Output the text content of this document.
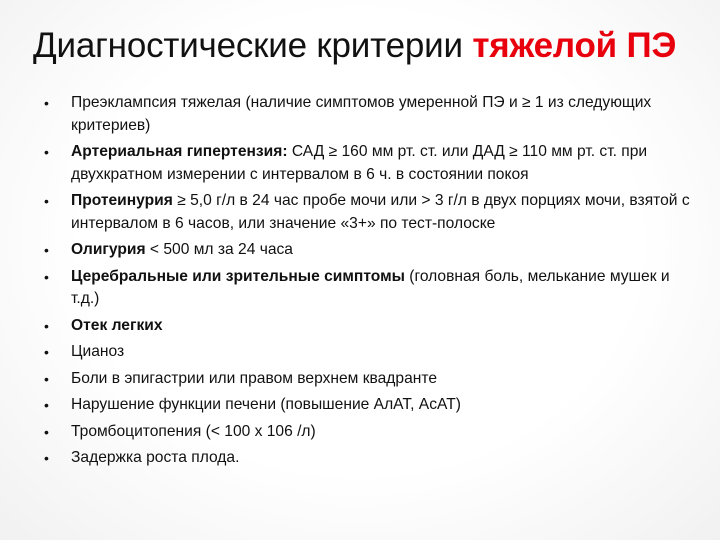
Диагностические критерии тяжелой ПЭ
• Преэклампсия тяжелая (наличие симптомов умеренной ПЭ и ≥ 1 из следующих критериев)
• Артериальная гипертензия: САД ≥ 160 мм рт. ст. или ДАД ≥ 110 мм рт. ст. при двухкратном измерении с интервалом в 6 ч. в состоянии покоя
• Протеинурия ≥ 5,0 г/л в 24 час пробе мочи или > 3 г/л в двух порциях мочи, взятой с интервалом в 6 часов, или значение «3+» по тест-полоске
• Олигурия < 500 мл за 24 часа
• Церебральные или зрительные симптомы (головная боль, мелькание мушек и т.д.)
• Отек легких
• Цианоз
• Боли в эпигастрии или правом верхнем квадранте
• Нарушение функции печени (повышение АлАТ, АсАТ)
• Тромбоцитопения (< 100 х 106 /л)
• Задержка роста плода.
